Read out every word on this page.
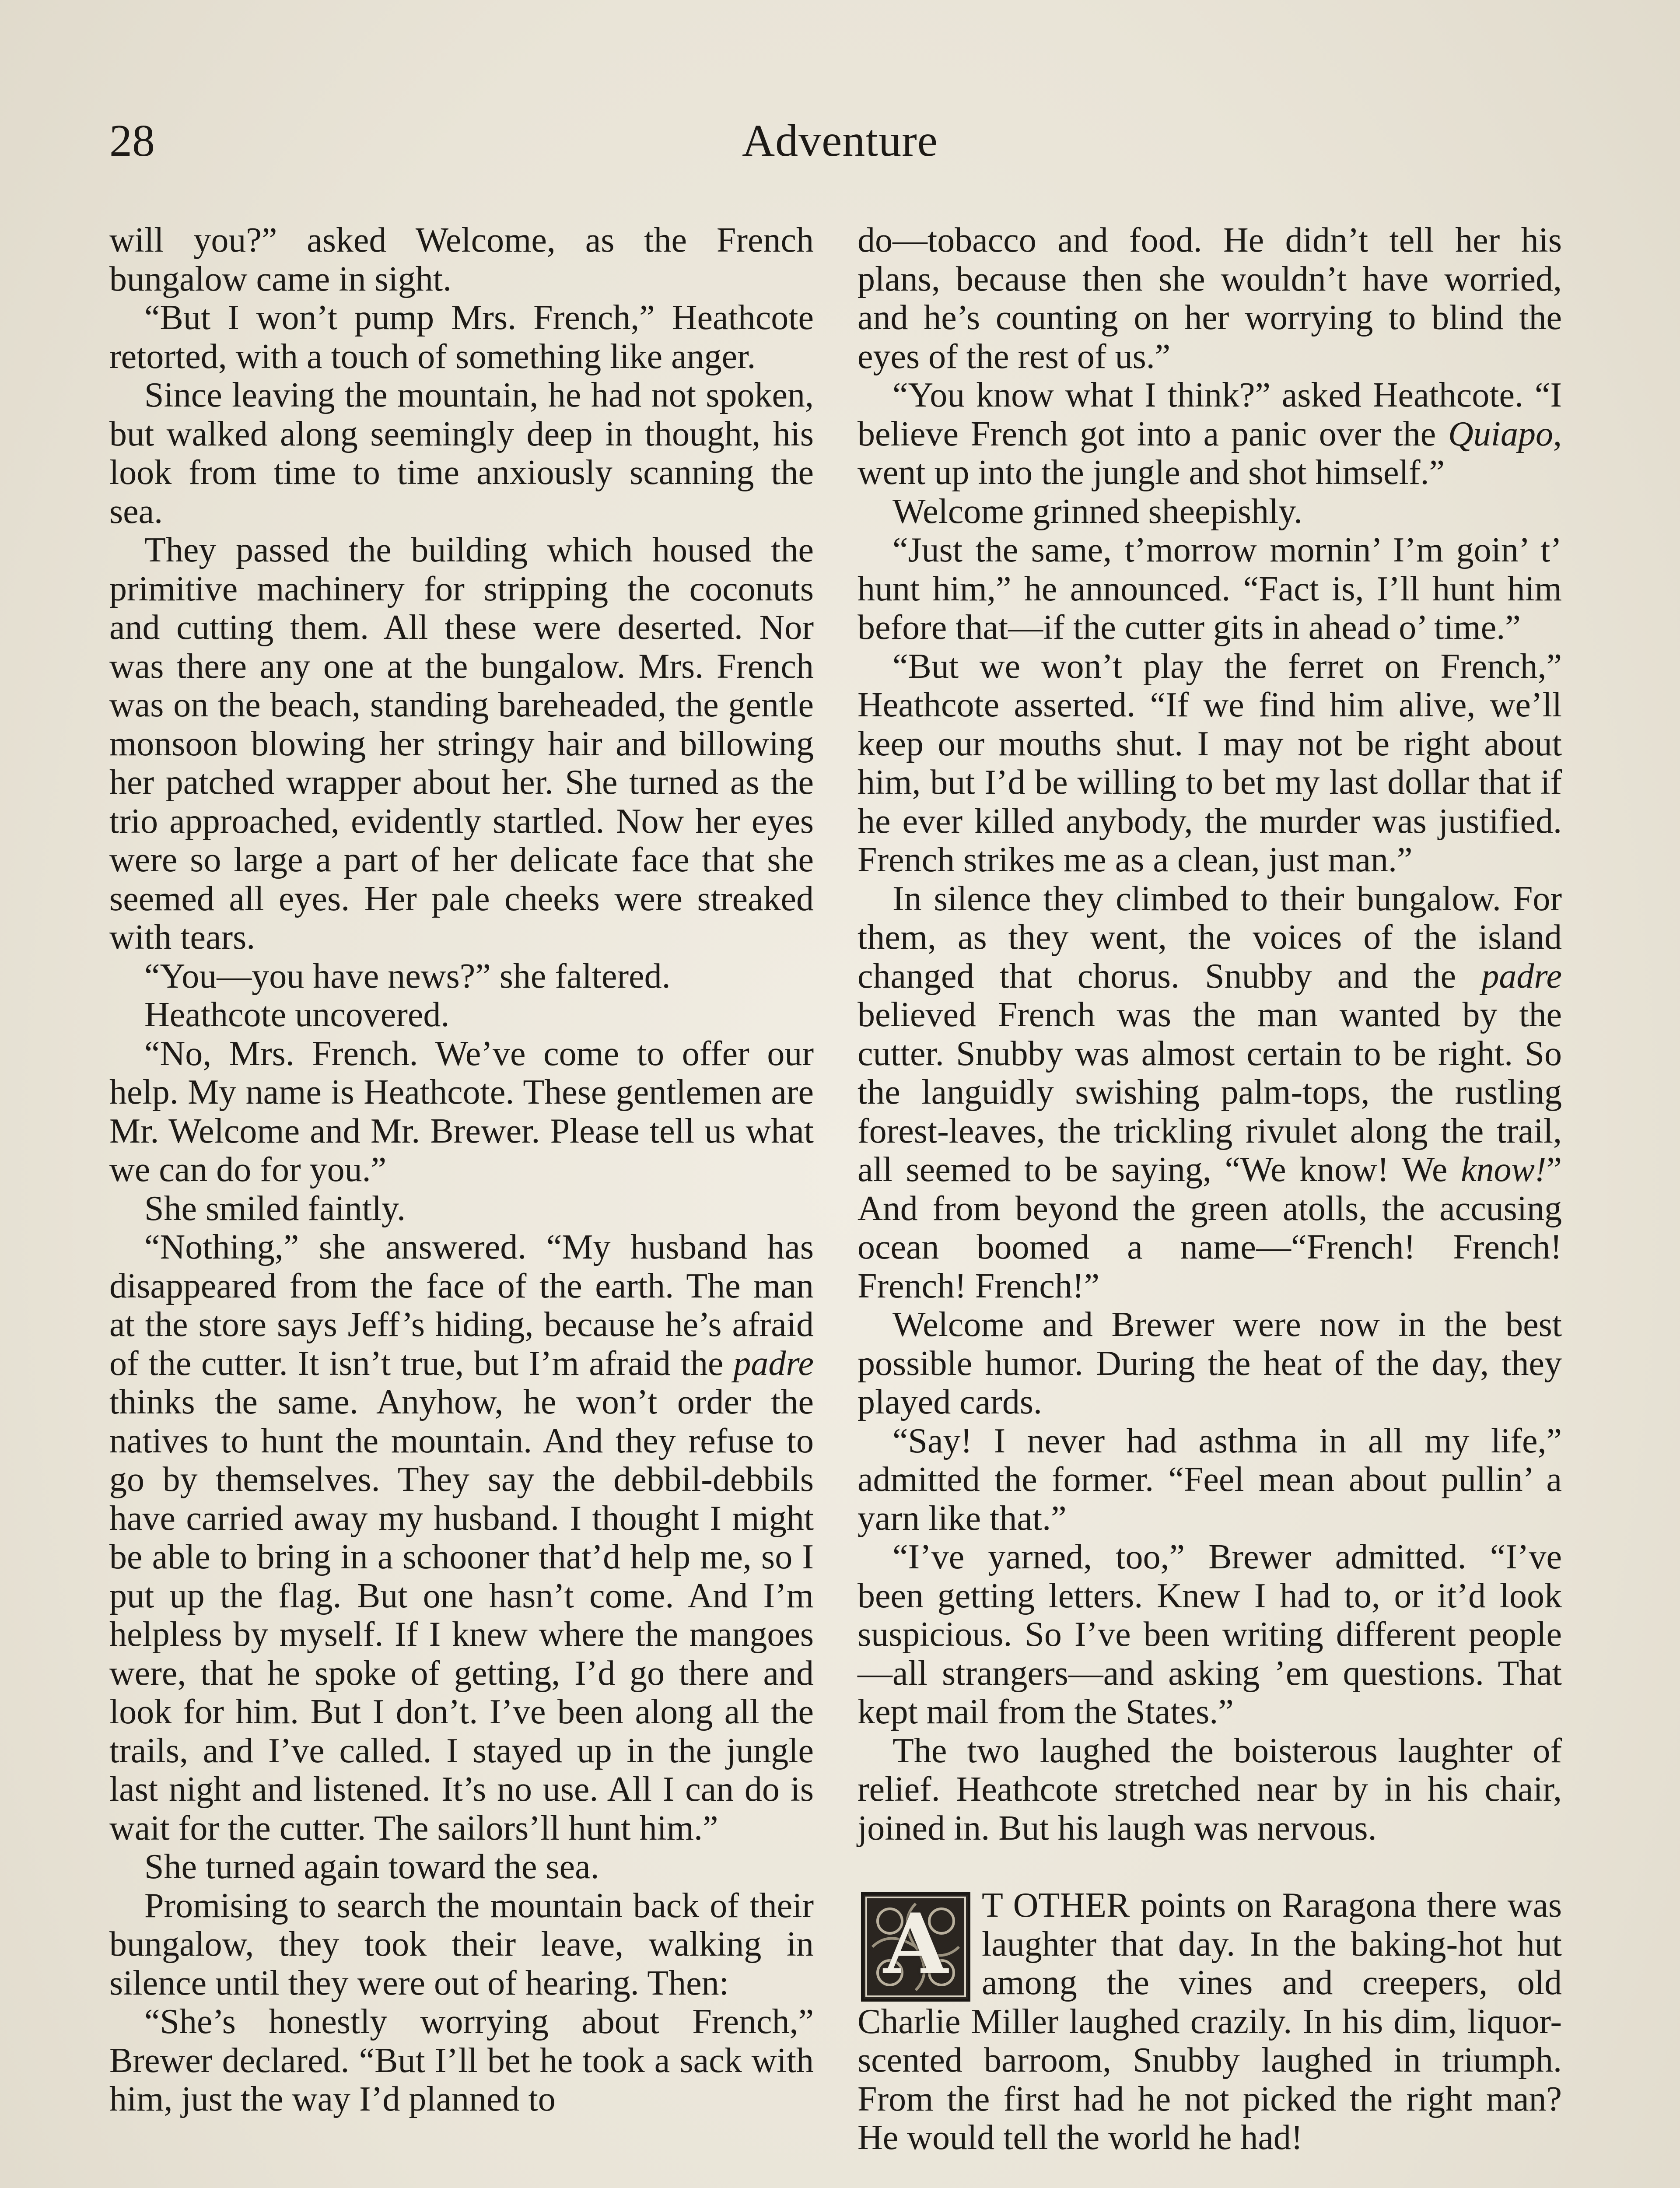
28	Adventure

will you?” asked Welcome, as the French bungalow came in sight.

“But I won’t pump Mrs. French,” Heathcote retorted, with a touch of something like anger.

Since leaving the mountain, he had not spoken, but walked along seemingly deep in thought, his look from time to time anxiously scanning the sea.

They passed the building which housed the primitive machinery for stripping the coconuts and cutting them. All these were deserted. Nor was there any one at the bungalow. Mrs. French was on the beach, standing bareheaded, the gentle monsoon blowing her stringy hair and billowing her patched wrapper about her. She turned as the trio approached, evidently startled. Now her eyes were so large a part of her delicate face that she seemed all eyes. Her pale cheeks were streaked with tears.

“You—you have news?” she faltered.

Heathcote uncovered.

“No, Mrs. French. We’ve come to offer our help. My name is Heathcote. These gentlemen are Mr. Welcome and Mr. Brewer. Please tell us what we can do for you.”

She smiled faintly.

“Nothing,” she answered. “My husband has disappeared from the face of the earth. The man at the store says Jeff’s hiding, because he’s afraid of the cutter. It isn’t true, but I’m afraid the padre thinks the same. Anyhow, he won’t order the natives to hunt the mountain. And they refuse to go by themselves. They say the debbil-debbils have carried away my husband. I thought I might be able to bring in a schooner that’d help me, so I put up the flag. But one hasn’t come. And I’m helpless by myself. If I knew where the mangoes were, that he spoke of getting, I’d go there and look for him. But I don’t. I’ve been along all the trails, and I’ve called. I stayed up in the jungle last night and listened. It’s no use. All I can do is wait for the cutter. The sailors’ll hunt him.”

She turned again toward the sea.

Promising to search the mountain back of their bungalow, they took their leave, walking in silence until they were out of hearing. Then:

“She’s honestly worrying about French,” Brewer declared. “But I’ll bet he took a sack with him, just the way I’d planned to

do—tobacco and food. He didn’t tell her his plans, because then she wouldn’t have worried, and he’s counting on her worrying to blind the eyes of the rest of us.”

“You know what I think?” asked Heathcote. “I believe French got into a panic over the Quiapo, went up into the jungle and shot himself.”

Welcome grinned sheepishly.

“Just the same, t’morrow mornin’ I’m goin’ t’ hunt him,” he announced. “Fact is, I’ll hunt him before that—if the cutter gits in ahead o’ time.”

“But we won’t play the ferret on French,” Heathcote asserted. “If we find him alive, we’ll keep our mouths shut. I may not be right about him, but I’d be willing to bet my last dollar that if he ever killed anybody, the murder was justified. French strikes me as a clean, just man.”

In silence they climbed to their bungalow. For them, as they went, the voices of the island changed that chorus. Snubby and the padre believed French was the man wanted by the cutter. Snubby was almost certain to be right. So the languidly swishing palm-tops, the rustling forest-leaves, the trickling rivulet along the trail, all seemed to be saying, “We know! We know!” And from beyond the green atolls, the accusing ocean boomed a name—“French! French! French! French!”

Welcome and Brewer were now in the best possible humor. During the heat of the day, they played cards.

“Say! I never had asthma in all my life,” admitted the former. “Feel mean about pullin’ a yarn like that.”

“I’ve yarned, too,” Brewer admitted. “I’ve been getting letters. Knew I had to, or it’d look suspicious. So I’ve been writing different people—all strangers—and asking ’em questions. That kept mail from the States.”

The two laughed the boisterous laughter of relief. Heathcote stretched near by in his chair, joined in. But his laugh was nervous.

A T OTHER points on Raragona there was laughter that day. In the baking-hot hut among the vines and creepers, old Charlie Miller laughed crazily. In his dim, liquor-scented barroom, Snubby laughed in triumph. From the first had he not picked the right man? He would tell the world he had!
